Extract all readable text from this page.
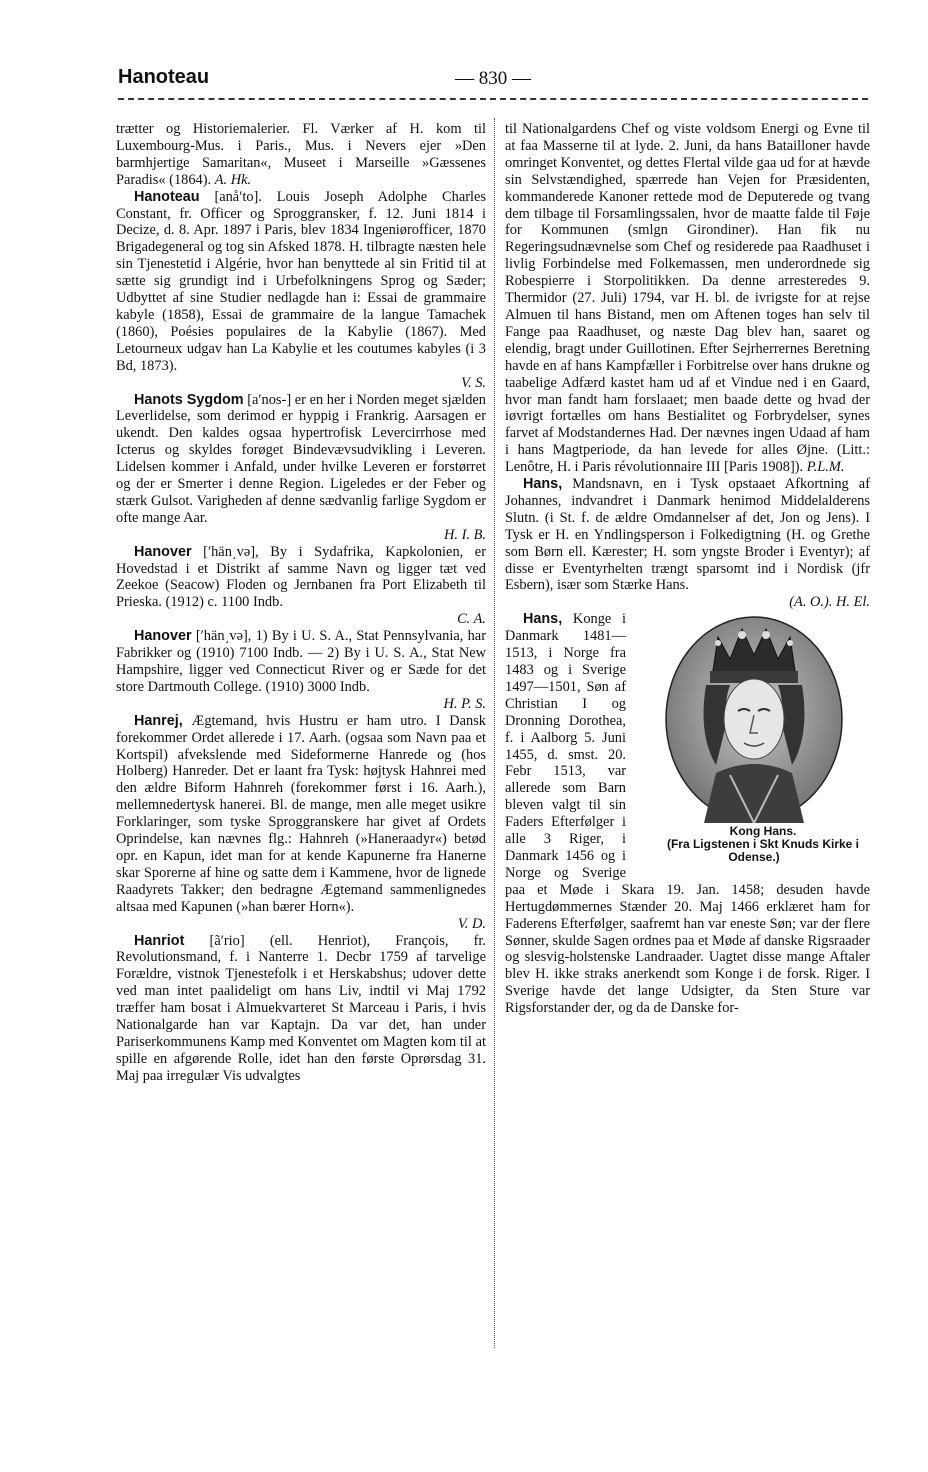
Hanoteau	— 830 —

trætter og Historiemalerier. Fl. Værker af H. kom til Luxembourg-Mus. i Paris., Mus. i Nevers ejer »Den barmhjertige Samaritan«, Museet i Marseille »Gæssenes Paradis« (1864). A. Hk.

Hanoteau [anå′to]. Louis Joseph Adolphe Charles Constant, fr. Officer og Sproggransker, f. 12. Juni 1814 i Decize, d. 8. Apr. 1897 i Paris, blev 1834 Ingeniørofficer, 1870 Brigadegeneral og tog sin Afsked 1878. H. tilbragte næsten hele sin Tjenestetid i Algérie, hvor han benyttede al sin Fritid til at sætte sig grundigt ind i Urbefolkningens Sprog og Sæder; Udbyttet af sine Studier nedlagde han i: Essai de grammaire kabyle (1858), Essai de grammaire de la langue Tamachek (1860), Poésies populaires de la Kabylie (1867). Med Letourneux udgav han La Kabylie et les coutumes kabyles (i 3 Bd, 1873).
V. S.

Hanots Sygdom [a′nos-] er en her i Norden meget sjælden Leverlidelse, som derimod er hyppig i Frankrig. Aarsagen er ukendt. Den kaldes ogsaa hypertrofisk Levercirrhose med Icterus og skyldes forøget Bindevævsudvikling i Leveren. Lidelsen kommer i Anfald, under hvilke Leveren er forstørret og der er Smerter i denne Region. Ligeledes er der Feber og stærk Gulsot. Varigheden af denne sædvanlig farlige Sygdom er ofte mange Aar.
H. I. B.

Hanover [′hän͵və], By i Sydafrika, Kapkolonien, er Hovedstad i et Distrikt af samme Navn og ligger tæt ved Zeekoe (Seacow) Floden og Jernbanen fra Port Elizabeth til Prieska. (1912) c. 1100 Indb.
C. A.

Hanover [′hän͵və], 1) By i U. S. A., Stat Pennsylvania, har Fabrikker og (1910) 7100 Indb. — 2) By i U. S. A., Stat New Hampshire, ligger ved Connecticut River og er Sæde for det store Dartmouth College. (1910) 3000 Indb.
H. P. S.

Hanrej, Ægtemand, hvis Hustru er ham utro. I Dansk forekommer Ordet allerede i 17. Aarh. (ogsaa som Navn paa et Kortspil) afvekslende med Sideformerne Hanrede og (hos Holberg) Hanreder. Det er laant fra Tysk: højtysk Hahnrei med den ældre Biform Hahnreh (forekommer først i 16. Aarh.), mellemnedertysk hanerei. Bl. de mange, men alle meget usikre Forklaringer, som tyske Sproggranskere har givet af Ordets Oprindelse, kan nævnes flg.: Hahnreh (»Haneraadyr«) betød opr. en Kapun, idet man for at kende Kapunerne fra Hanerne skar Sporerne af hine og satte dem i Kammene, hvor de lignede Raadyrets Takker; den bedragne Ægtemand sammenlignedes altsaa med Kapunen (»han bærer Horn«).
V. D.

Hanriot [ã′rio] (ell. Henriot), François, fr. Revolutionsmand, f. i Nanterre 1. Decbr 1759 af tarvelige Forældre, vistnok Tjenestefolk i et Herskabshus; udover dette ved man intet paalideligt om hans Liv, indtil vi Maj 1792 træffer ham bosat i Almuekvarteret St Marceau i Paris, i hvis Nationalgarde han var Kaptajn. Da var det, han under Pariserkommunens Kamp med Konventet om Magten kom til at spille en afgørende Rolle, idet han den første Oprørsdag 31. Maj paa irregulær Vis udvalgtes

til Nationalgardens Chef og viste voldsom Energi og Evne til at faa Masserne til at lyde. 2. Juni, da hans Batailloner havde omringet Konventet, og dettes Flertal vilde gaa ud for at hævde sin Selvstændighed, spærrede han Vejen for Præsidenten, kommanderede Kanoner rettede mod de Deputerede og tvang dem tilbage til Forsamlingssalen, hvor de maatte falde til Føje for Kommunen (smlgn Girondiner). Han fik nu Regeringsudnævnelse som Chef og residerede paa Raadhuset i livlig Forbindelse med Folkemassen, men underordnede sig Robespierre i Storpolitikken. Da denne arresteredes 9. Thermidor (27. Juli) 1794, var H. bl. de ivrigste for at rejse Almuen til hans Bistand, men om Aftenen toges han selv til Fange paa Raadhuset, og næste Dag blev han, saaret og elendig, bragt under Guillotinen. Efter Sejrherrernes Beretning havde en af hans Kampfæller i Forbitrelse over hans drukne og taabelige Adfærd kastet ham ud af et Vindue ned i en Gaard, hvor man fandt ham forslaaet; men baade dette og hvad der iøvrigt fortælles om hans Bestialitet og Forbrydelser, synes farvet af Modstandernes Had. Der nævnes ingen Udaad af ham i hans Magtperiode, da han levede for alles Øjne. (Litt.: Lenôtre, H. i Paris révolutionnaire III [Paris 1908]). P.L.M.

Hans, Mandsnavn, en i Tysk opstaaet Afkortning af Johannes, indvandret i Danmark henimod Middelalderens Slutn. (i St. f. de ældre Omdannelser af det, Jon og Jens). I Tysk er H. en Yndlingsperson i Folkedigtning (H. og Grethe som Børn ell. Kærester; H. som yngste Broder i Eventyr); af disse er Eventyrhelten trængt sparsomt ind i Nordisk (jfr Esbern), især som Stærke Hans.
(A. O.). H. El.

Hans,
Kong Hans.
(Fra Ligstenen i Skt Knuds Kirke i Odense.)
Konge i Danmark 1481—1513, i Norge fra 1483 og i Sverige 1497—1501, Søn af Christian I og Dronning Dorothea, f. i Aalborg 5. Juni 1455, d. smst. 20. Febr 1513, var allerede som Barn bleven valgt til sin Faders Efterfølger i alle 3 Riger, i Danmark 1456 og i Norge og Sverige paa et Møde i Skara 19. Jan. 1458; desuden havde Hertugdømmernes Stænder 20. Maj 1466 erklæret ham for Faderens Efterfølger, saafremt han var eneste Søn; var der flere Sønner, skulde Sagen ordnes paa et Møde af danske Rigsraader og slesvig-holstenske Landraader. Uagtet disse mange Aftaler blev H. ikke straks anerkendt som Konge i de forsk. Riger. I Sverige havde det lange Udsigter, da Sten Sture var Rigsforstander der, og da de Danske for-
